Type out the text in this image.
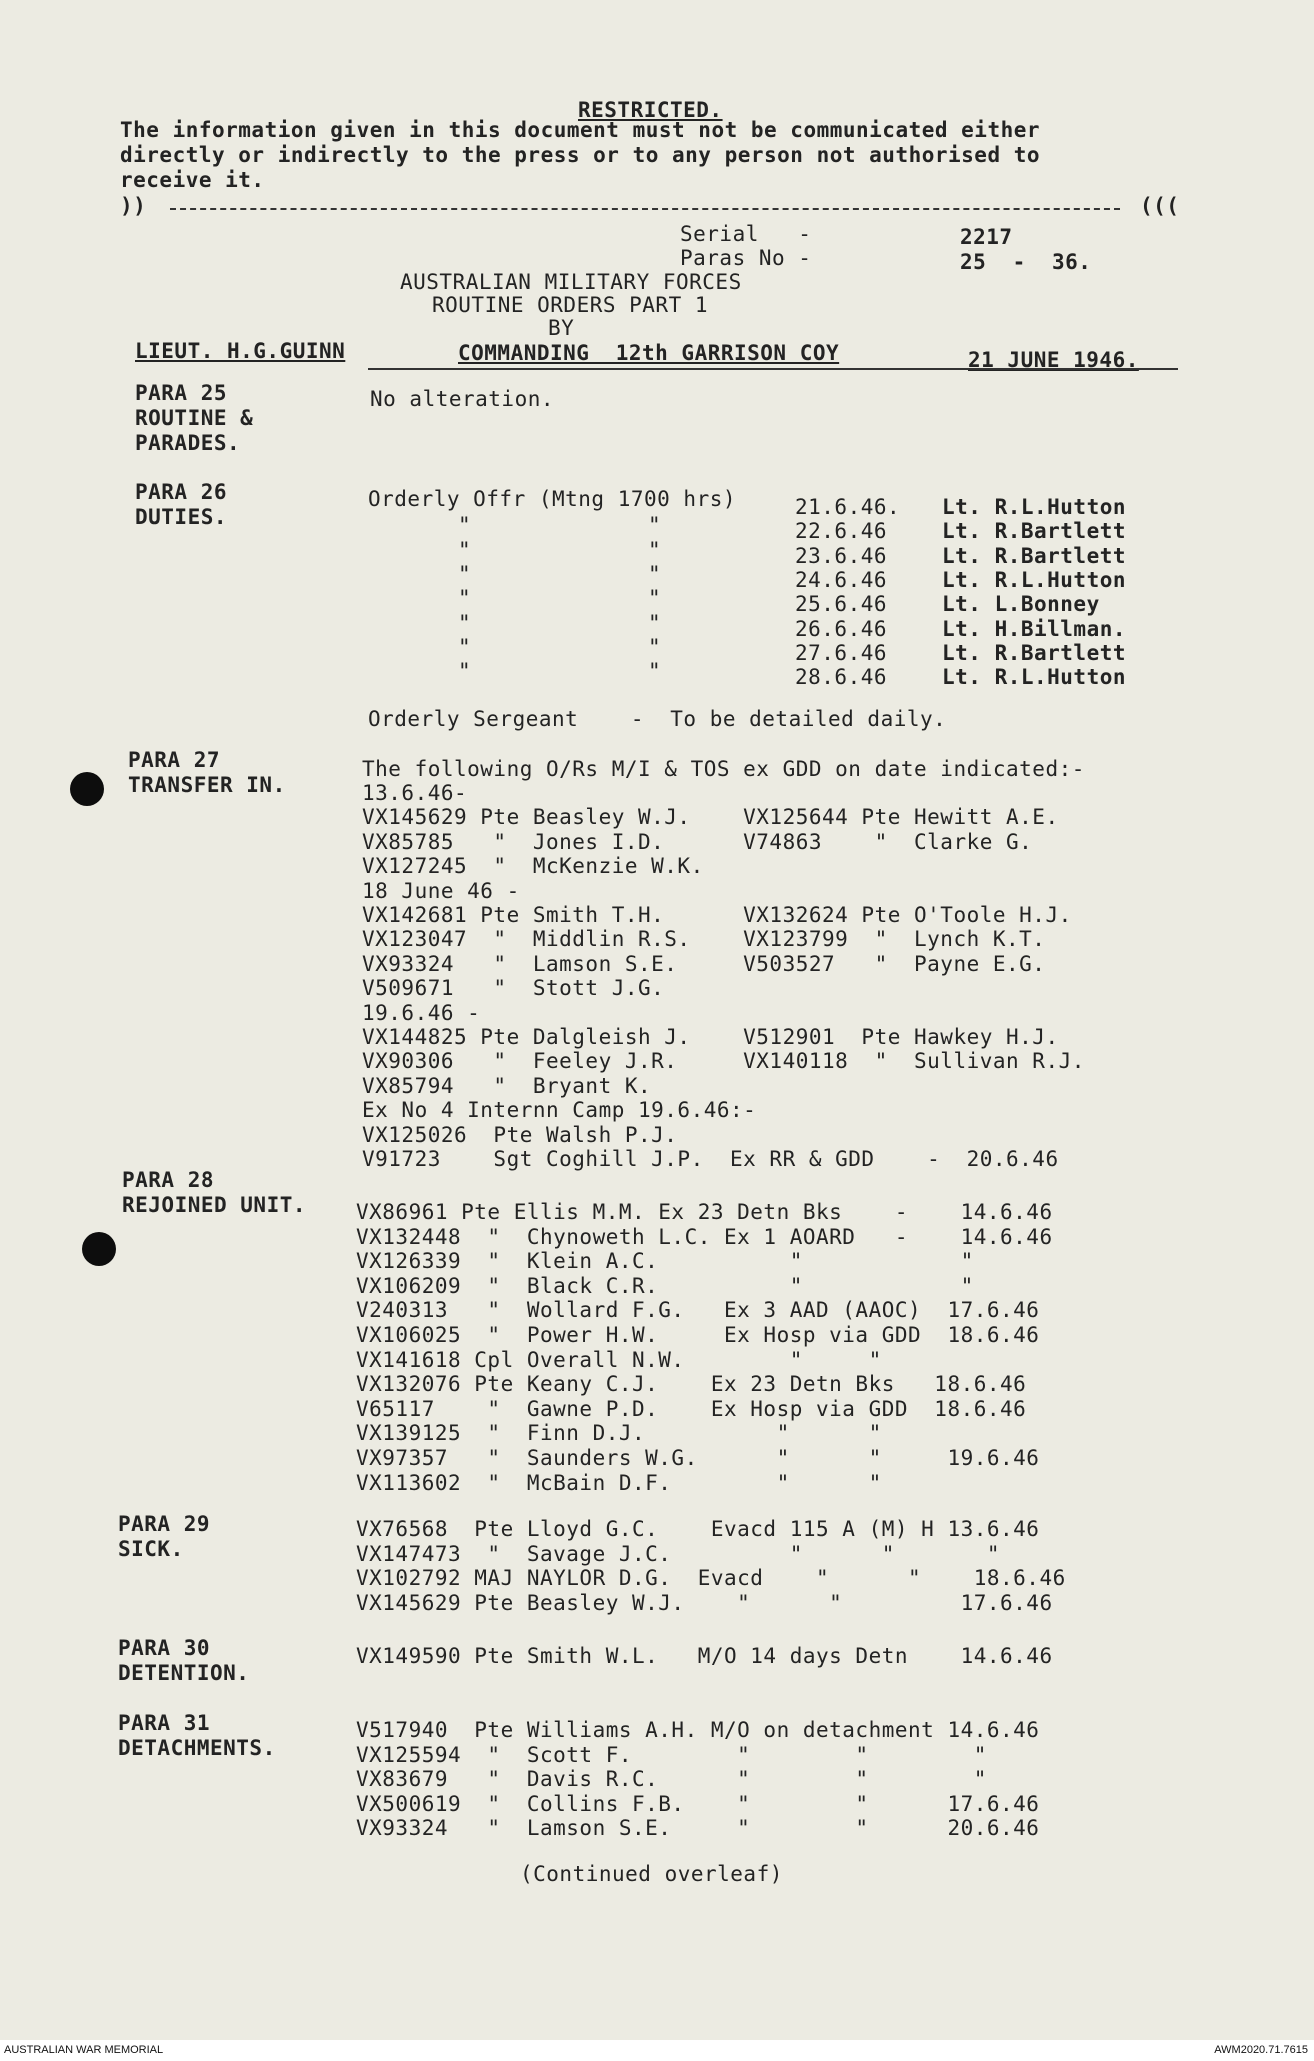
RESTRICTED.
The information given in this document must not be communicated either
directly or indirectly to the press or to any person not authorised to
receive it.
))	(((
Serial   -	2217
Paras No -	25  -  36.
AUSTRALIAN MILITARY FORCES
ROUTINE ORDERS PART 1
BY
LIEUT. H.G.GUINN	COMMANDING  12th GARRISON COY	21 JUNE 1946.
PARA 25
ROUTINE &
PARADES.
No alteration.
PARA 26
DUTIES.
Orderly Offr (Mtng 1700 hrs)	21.6.46. Lt. R.L.Hutton
"	"	22.6.46	Lt. R.Bartlett
"	"	23.6.46	Lt. R.Bartlett
"	"	24.6.46	Lt. R.L.Hutton
"	"	25.6.46	Lt. L.Bonney
"	"	26.6.46	Lt. H.Billman.
"	"	27.6.46	Lt. R.Bartlett
"	"	28.6.46	Lt. R.L.Hutton
Orderly Sergeant    -  To be detailed daily.
PARA 27
TRANSFER IN.
The following O/Rs M/I & TOS ex GDD on date indicated:-
13.6.46-
VX145629 Pte Beasley W.J.    VX125644 Pte Hewitt A.E.
VX85785   "  Jones I.D.      V74863    "  Clarke G.
VX127245  "  McKenzie W.K.
18 June 46 -
VX142681 Pte Smith T.H.      VX132624 Pte O'Toole H.J.
VX123047  "  Middlin R.S.    VX123799  "  Lynch K.T.
VX93324   "  Lamson S.E.     V503527   "  Payne E.G.
V509671   "  Stott J.G.
19.6.46 -
VX144825 Pte Dalgleish J.    V512901  Pte Hawkey H.J.
VX90306   "  Feeley J.R.     VX140118  "  Sullivan R.J.
VX85794   "  Bryant K.
Ex No 4 Internn Camp 19.6.46:-
VX125026  Pte Walsh P.J.
V91723    Sgt Coghill J.P.  Ex RR & GDD    -  20.6.46
PARA 28
REJOINED UNIT. VX86961 Pte Ellis M.M. Ex 23 Detn Bks    -    14.6.46
VX132448  "  Chynoweth L.C. Ex 1 AOARD   -    14.6.46
VX126339  "  Klein A.C.          "            "
VX106209  "  Black C.R.          "            "
V240313   "  Wollard F.G.   Ex 3 AAD (AAOC)  17.6.46
VX106025  "  Power H.W.     Ex Hosp via GDD  18.6.46
VX141618 Cpl Overall N.W.        "     "
VX132076 Pte Keany C.J.    Ex 23 Detn Bks   18.6.46
V65117    "  Gawne P.D.    Ex Hosp via GDD  18.6.46
VX139125  "  Finn D.J.          "      "
VX97357   "  Saunders W.G.      "      "     19.6.46
VX113602  "  McBain D.F.        "      "
PARA 29
SICK.
VX76568  Pte Lloyd G.C.    Evacd 115 A (M) H 13.6.46
VX147473  "  Savage J.C.         "      "       "
VX102792 MAJ NAYLOR D.G.  Evacd    "      "    18.6.46
VX145629 Pte Beasley W.J.    "      "         17.6.46
PARA 30
DETENTION.
VX149590 Pte Smith W.L.   M/O 14 days Detn    14.6.46
PARA 31
DETACHMENTS.
V517940  Pte Williams A.H. M/O on detachment 14.6.46
VX125594  "  Scott F.        "        "        "
VX83679   "  Davis R.C.      "        "        "
VX500619  "  Collins F.B.    "        "      17.6.46
VX93324   "  Lamson S.E.     "        "      20.6.46
(Continued overleaf)
AUSTRALIAN WAR MEMORIAL	AWM2020.71.7615
